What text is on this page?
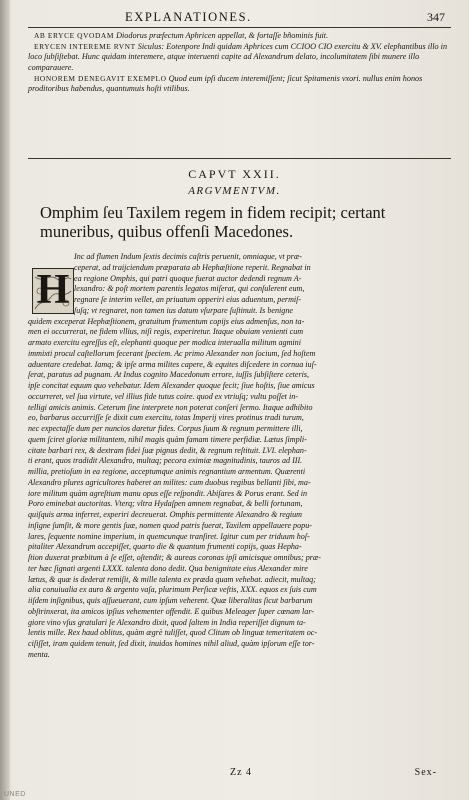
EXPLANATIONES.	347

AB ERYCE QVODAM Diodorus præfectum Aphricen appellat, & fortaſſe bñominis fuit.

ERYCEN INTEREME RVNT Siculus: Eotenpore Indi quidam Aphrices cum CCIOO CIO exercitu & XV. elephantibus illo in loco ſubſiſtebat. Hunc quidam interemere, atque interuenti capite ad Alexandrum delato, incolumitatem ſibi munere illo comparauere.

HONOREM DENEGAVIT EXEMPLO Quod eum ipſi ducem interemiſſent; ſicut Spitamenis vxori. nullus enim honos proditoribus habendus, quantumuis hoſti vtilibus.

CAPVT XXII.
ARGVMENTVM.
Omphim ſeu Taxilem regem in fidem recipit; certant muneribus, quibus offenſi Macedones.
H
Inc ad flumen Indum ſextis decimis caſtris peruenit, omniaque, vt præ-
ceperat, ad traijciendum præparata ab Hephæſtione reperit. Regnabat in
ea regione Omphis, qui patri quoque fuerat auctor dedendi regnum A-
lexandro: & poſt mortem parentis legatos miſerat, qui conſulerent eum,
regnare ſe interim vellet, an priuatum opperiri eius aduentum, permiſ-
ſuſq; vt regnaret, non tamen ius datum vſurpare ſuſtinuit. Is benigne
quidem exceperat Hephæſtionem, gratuitum frumentum copijs eius admenſus, non ta-
men ei occurrerat, ne fidem vllius, niſi regis, experiretur. Itaque obuiam venienti cum
armato exercitu egreſſus eſt, elephanti quoque per modica interualla militum agmini
immixti procul caſtellorum fecerant ſpeciem. Ac primo Alexander non ſocium, ſed hoſtem
aduentare credebat. Iamq; & ipſe arma milites capere, & equites diſcedere in cornua iuſ-
ſerat, paratus ad pugnam. At Indus cognito Macedonum errore, iuſſis ſubſiſtere ceteris,
ipſe concitat equum quo vehebatur. Idem Alexander quoque fecit; ſiue hoſtis, ſiue amicus
occurreret, vel ſua virtute, vel illius fide tutus coire. quod ex vtriuſq; vultu poſſet in-
telligi amicis animis. Ceterum ſine interprete non poterat conſeri ſermo. Itaque adhibito
eo, barbarus occurriſſe ſe dixit cum exercitu, totas Imperij vires protinus tradi turum,
nec expectaſſe dum per nuncios daretur fides. Corpus ſuum & regnum permittere illi,
quem ſciret gloriæ militantem, nihil magis quàm famam timere perfidiæ. Lætus ſimpli-
citate barbari rex, & dextram fidei ſuæ pignus dedit, & regnum reſtituit. LVI. elephan-
ti erant, quos tradidit Alexandro, multaq; pecora eximiæ magnitudinis, tauros ad III.
millia, pretioſum in ea regione, acceptumque animis regnantium armentum. Quærenti
Alexandro plures agricultores haberet an milites: cum duobus regibus bellanti ſibi, ma-
iore militum quàm agreſtium manu opus eſſe reſpondit. Abiſares & Porus erant. Sed in
Poro eminebat auctoritas. Vterq; vltra Hydaſpen amnem regnabat, & belli fortunam,
quiſquis arma inferret, experiri decreuerat. Omphis permittente Alexandro & regium
inſigne ſumſit, & more gentis ſuæ, nomen quod patris fuerat, Taxilem appellauere popu-
lares, ſequente nomine imperium, in quemcunque tranſiret. Igitur cum per triduum hoſ-
pitaliter Alexandrum accepiſſet, quarto die & quantum frumenti copijs, quas Hepha-
ſtion duxerat præbitum à ſe eſſet, oſtendit; & aureas coronas ipſi amicisque omnibus; præ-
ter hæc ſignati argenti LXXX. talenta dono dedit. Qua benignitate eius Alexander mire
lætus, & quæ is dederat remiſit, & mille talenta ex præda quam vehebat. adiecit, multaq;
alia conuiualia ex auro & argento vaſa, plurimum Perſicæ veſtis, XXX. equos ex ſuis cum
iiſdem inſignibus, quis aſſueuerant, cum ipſum veherent. Quæ liberalitas ſicut barbarum
obſtrinxerat, ita amicos ipſius vehementer offendit. E quibus Meleager ſuper cœnam lar-
giore vino vſus gratulari ſe Alexandro dixit, quod ſaltem in India reperiſſet dignum ta-
lentis mille. Rex haud oblitus, quàm ægrè tuliſſet, quod Clitum ob linguæ temeritatem oc-
ciſiſſet, iram quidem tenuit, ſed dixit, inuidos homines nihil aliud, quàm ipſorum eſſe tor-
menta.
Zz 4	Sex-
UNED
